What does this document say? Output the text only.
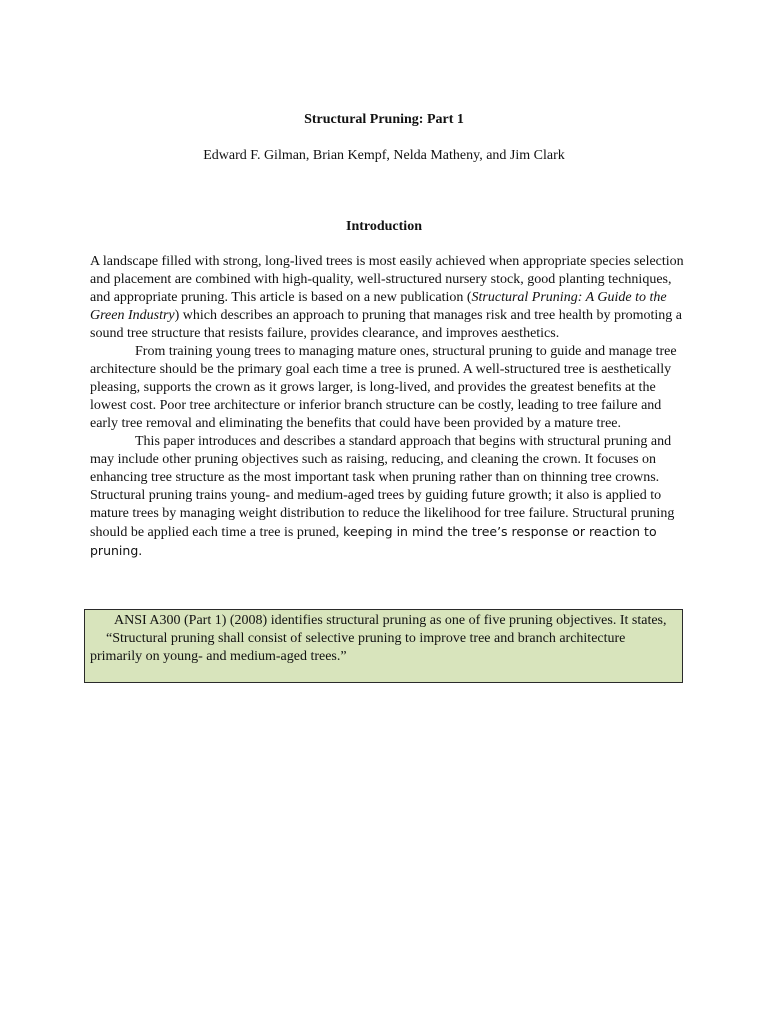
Structural Pruning: Part 1

Edward F. Gilman, Brian Kempf, Nelda Matheny, and Jim Clark

Introduction

A landscape filled with strong, long-lived trees is most easily achieved when appropriate species selection and placement are combined with high-quality, well-structured nursery stock, good planting techniques, and appropriate pruning. This article is based on a new publication (Structural Pruning: A Guide to the Green Industry) which describes an approach to pruning that manages risk and tree health by promoting a sound tree structure that resists failure, provides clearance, and improves aesthetics.

From training young trees to managing mature ones, structural pruning to guide and manage tree architecture should be the primary goal each time a tree is pruned. A well-structured tree is aesthetically pleasing, supports the crown as it grows larger, is long-lived, and provides the greatest benefits at the lowest cost. Poor tree architecture or inferior branch structure can be costly, leading to tree failure and early tree removal and eliminating the benefits that could have been provided by a mature tree.

This paper introduces and describes a standard approach that begins with structural pruning and may include other pruning objectives such as raising, reducing, and cleaning the crown. It focuses on enhancing tree structure as the most important task when pruning rather than on thinning tree crowns. Structural pruning trains young- and medium-aged trees by guiding future growth; it also is applied to mature trees by managing weight distribution to reduce the likelihood for tree failure. Structural pruning should be applied each time a tree is pruned, keeping in mind the tree’s response or reaction to pruning.

ANSI A300 (Part 1) (2008) identifies structural pruning as one of five pruning objectives. It states,

“Structural pruning shall consist of selective pruning to improve tree and branch architecture primarily on young- and medium-aged trees.”
